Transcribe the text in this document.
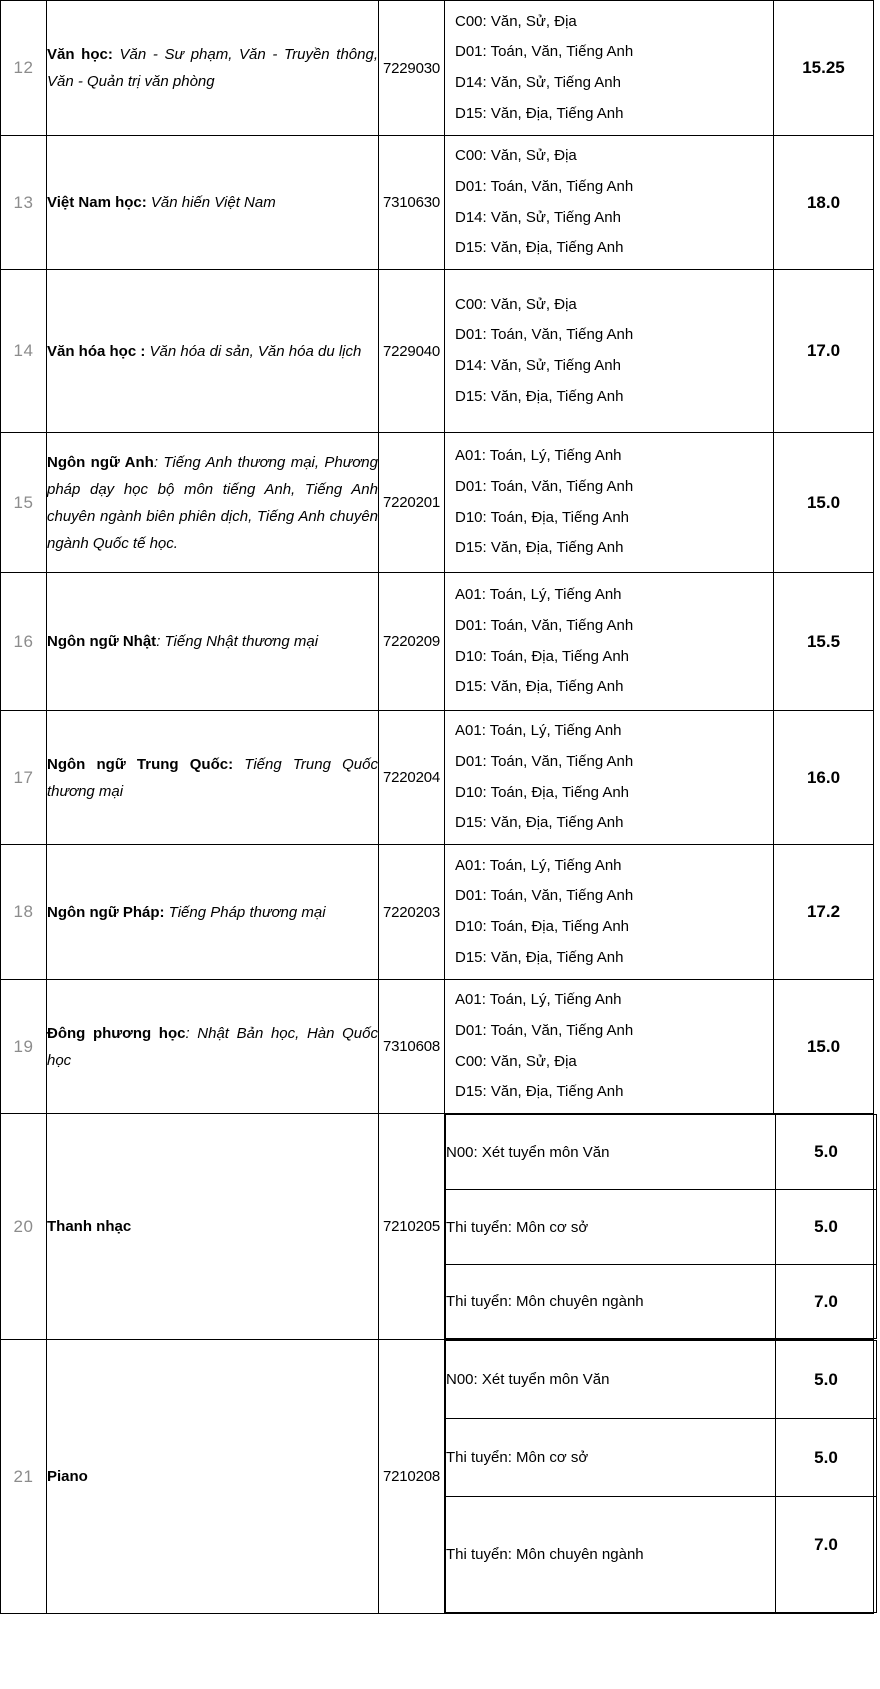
12	Văn học: Văn - Sư phạm, Văn - Truyền thông, Văn - Quản trị văn phòng	7229030	
C00: Văn, Sử, Địa
D01: Toán, Văn, Tiếng Anh
D14: Văn, Sử, Tiếng Anh
D15: Văn, Địa, Tiếng Anh
	15.25
13	Việt Nam học: Văn hiến Việt Nam	7310630	
C00: Văn, Sử, Địa
D01: Toán, Văn, Tiếng Anh
D14: Văn, Sử, Tiếng Anh
D15: Văn, Địa, Tiếng Anh
	18.0
14	Văn hóa học : Văn hóa di sản, Văn hóa du lịch	7229040	
C00: Văn, Sử, Địa
D01: Toán, Văn, Tiếng Anh
D14: Văn, Sử, Tiếng Anh
D15: Văn, Địa, Tiếng Anh
	17.0
15	Ngôn ngữ Anh: Tiếng Anh thương mại, Phương pháp dạy học bộ môn tiếng Anh, Tiếng Anh chuyên ngành biên phiên dịch, Tiếng Anh chuyên ngành Quốc tế học.	7220201	
A01: Toán, Lý, Tiếng Anh
D01: Toán, Văn, Tiếng Anh
D10: Toán, Địa, Tiếng Anh
D15: Văn, Địa, Tiếng Anh
	15.0
16	Ngôn ngữ Nhật: Tiếng Nhật thương mại	7220209	
A01: Toán, Lý, Tiếng Anh
D01: Toán, Văn, Tiếng Anh
D10: Toán, Địa, Tiếng Anh
D15: Văn, Địa, Tiếng Anh
	15.5
17	Ngôn ngữ Trung Quốc: Tiếng Trung Quốc thương mại	7220204	
A01: Toán, Lý, Tiếng Anh
D01: Toán, Văn, Tiếng Anh
D10: Toán, Địa, Tiếng Anh
D15: Văn, Địa, Tiếng Anh
	16.0
18	Ngôn ngữ Pháp: Tiếng Pháp thương mại	7220203	
A01: Toán, Lý, Tiếng Anh
D01: Toán, Văn, Tiếng Anh
D10: Toán, Địa, Tiếng Anh
D15: Văn, Địa, Tiếng Anh
	17.2
19	Đông phương học: Nhật Bản học, Hàn Quốc học	7310608	
A01: Toán, Lý, Tiếng Anh
D01: Toán, Văn, Tiếng Anh
C00: Văn, Sử, Địa
D15: Văn, Địa, Tiếng Anh
	15.0
20	Thanh nhạc	7210205	
N00: Xét tuyển môn Văn	5.0
Thi tuyển: Môn cơ sở	5.0
Thi tuyển: Môn chuyên ngành	7.0

21	Piano	7210208	
N00: Xét tuyển môn Văn	5.0
Thi tuyển: Môn cơ sở	5.0
Thi tuyển: Môn chuyên ngành	7.0
